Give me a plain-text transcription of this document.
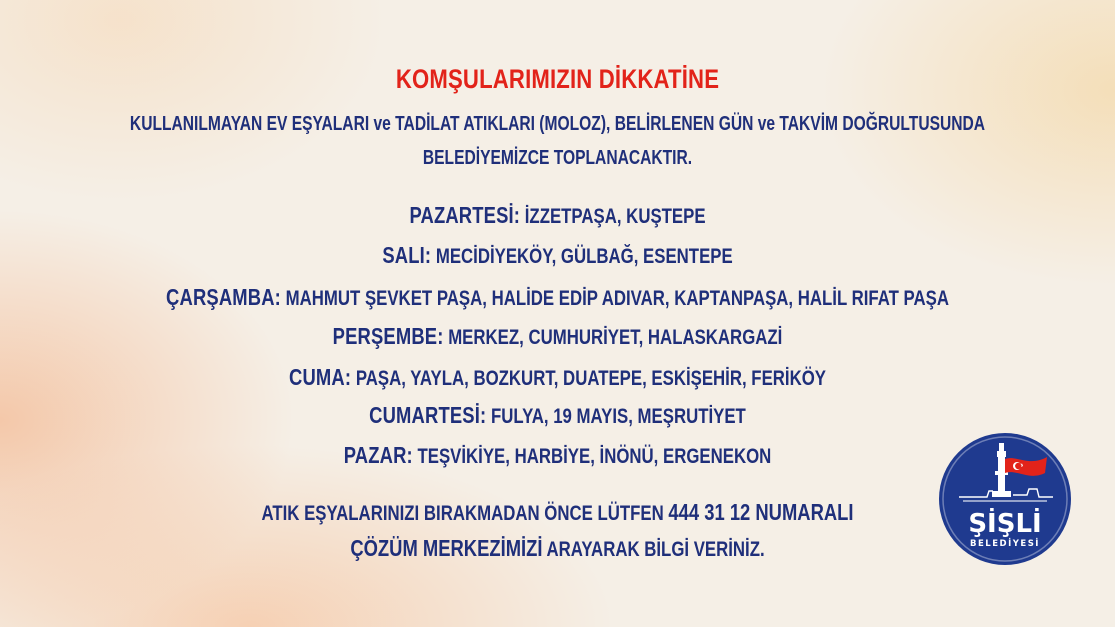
KOMŞULARIMIZIN DİKKATİNE
KULLANILMAYAN EV EŞYALARI ve TADİLAT ATIKLARI (MOLOZ), BELİRLENEN GÜN ve TAKVİM DOĞRULTUSUNDA
BELEDİYEMİZCE TOPLANACAKTIR.
PAZARTESİ: İZZETPAŞA, KUŞTEPE
SALI: MECİDİYEKÖY, GÜLBAĞ, ESENTEPE
ÇARŞAMBA: MAHMUT ŞEVKET PAŞA, HALİDE EDİP ADIVAR, KAPTANPAŞA, HALİL RIFAT PAŞA
PERŞEMBE: MERKEZ, CUMHURİYET, HALASKARGAZİ
CUMA: PAŞA, YAYLA, BOZKURT, DUATEPE, ESKİŞEHİR, FERİKÖY
CUMARTESİ: FULYA, 19 MAYIS, MEŞRUTİYET
PAZAR: TEŞVİKİYE, HARBİYE, İNÖNÜ, ERGENEKON
ATIK EŞYALARINIZI BIRAKMADAN ÖNCE LÜTFEN 444 31 12 NUMARALI
ÇÖZÜM MERKEZİMİZİ ARAYARAK BİLGİ VERİNİZ.
ŞİŞLİ
BELEDİYESİ
